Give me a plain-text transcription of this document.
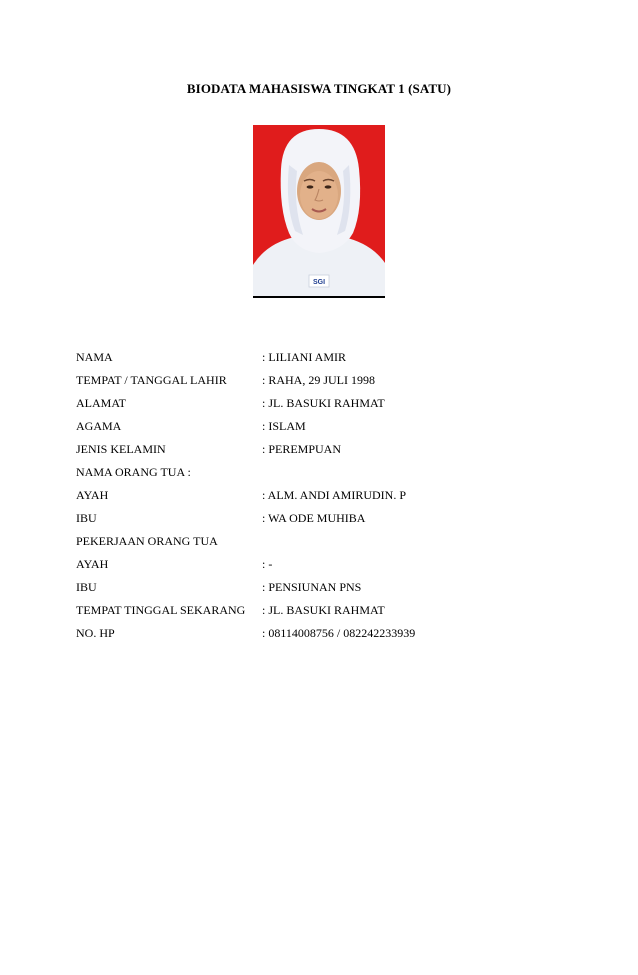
BIODATA MAHASISWA TINGKAT 1 (SATU)
SGI
NAMA	: LILIANI AMIR
TEMPAT / TANGGAL LAHIR	: RAHA, 29 JULI 1998
ALAMAT	: JL. BASUKI RAHMAT
AGAMA	: ISLAM
JENIS KELAMIN	: PEREMPUAN
NAMA ORANG TUA :
AYAH	: ALM. ANDI AMIRUDIN. P
IBU	: WA ODE MUHIBA
PEKERJAAN ORANG TUA
AYAH	: -
IBU	: PENSIUNAN PNS
TEMPAT TINGGAL SEKARANG : JL. BASUKI RAHMAT
NO. HP	: 08114008756 / 082242233939
